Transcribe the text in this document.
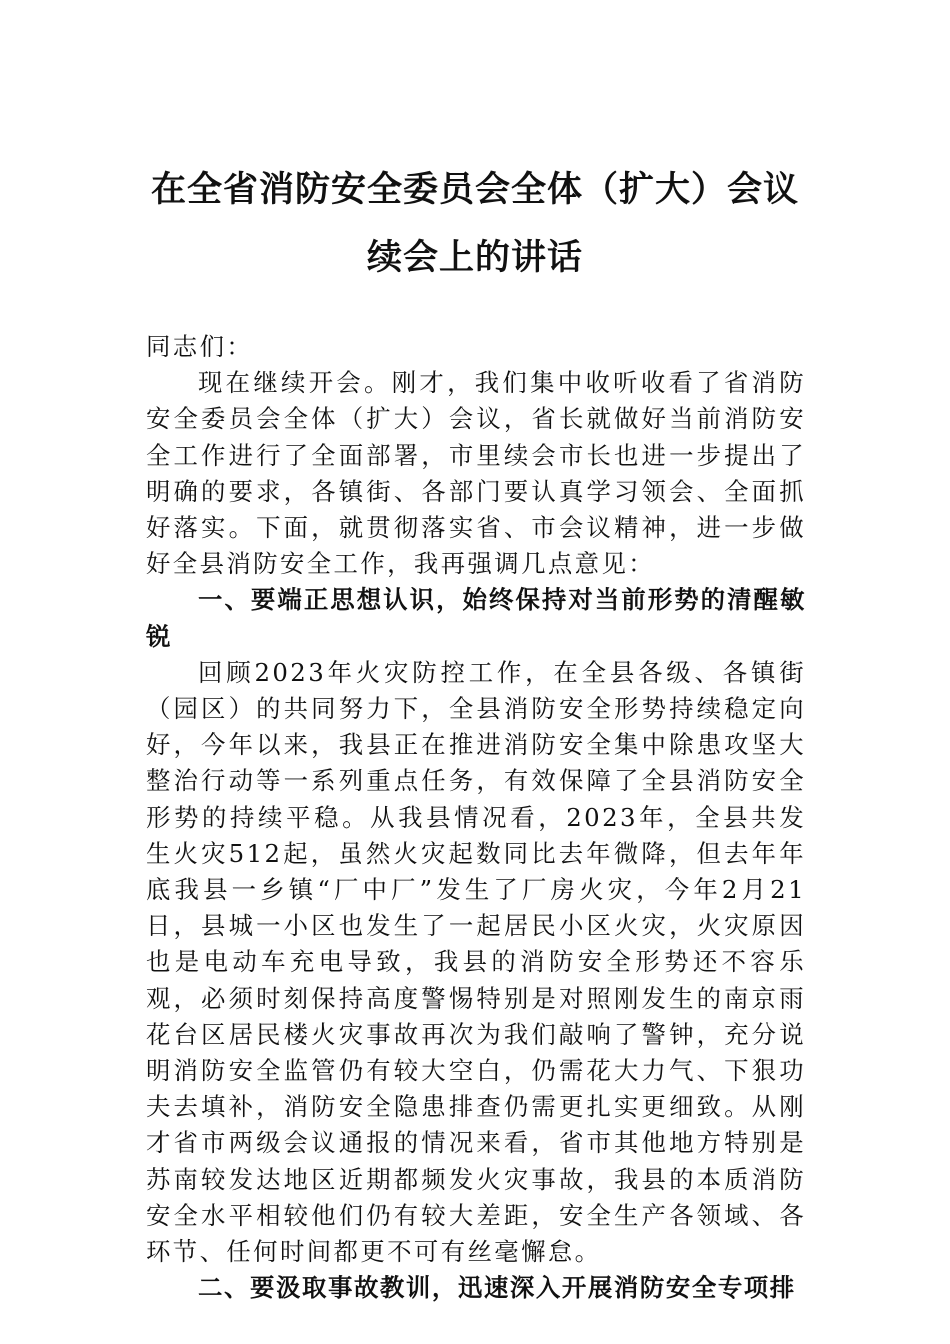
在全省消防安全委员会全体（扩大）会议
续会上的讲话

同志们：

现在继续开会。刚才，我们集中收听收看了省消防安全委员会全体（扩大）会议，省长就做好当前消防安全工作进行了全面部署，市里续会市长也进一步提出了明确的要求，各镇街、各部门要认真学习领会、全面抓好落实。下面，就贯彻落实省、市会议精神，进一步做好全县消防安全工作，我再强调几点意见：

一、要端正思想认识，始终保持对当前形势的清醒敏锐

回顾2023年火灾防控工作，在全县各级、各镇街（园区）的共同努力下，全县消防安全形势持续稳定向好，今年以来，我县正在推进消防安全集中除患攻坚大整治行动等一系列重点任务，有效保障了全县消防安全形势的持续平稳。从我县情况看，2023年，全县共发生火灾512起，虽然火灾起数同比去年微降，但去年年底我县一乡镇“厂中厂”发生了厂房火灾，今年2月21日，县城一小区也发生了一起居民小区火灾，火灾原因也是电动车充电导致，我县的消防安全形势还不容乐观，必须时刻保持高度警惕特别是对照刚发生的南京雨花台区居民楼火灾事故再次为我们敲响了警钟，充分说明消防安全监管仍有较大空白，仍需花大力气、下狠功夫去填补，消防安全隐患排查仍需更扎实更细致。从刚才省市两级会议通报的情况来看，省市其他地方特别是苏南较发达地区近期都频发火灾事故，我县的本质消防安全水平相较他们仍有较大差距，安全生产各领域、各环节、任何时间都更不可有丝毫懈怠。

二、要汲取事故教训，迅速深入开展消防安全专项排
